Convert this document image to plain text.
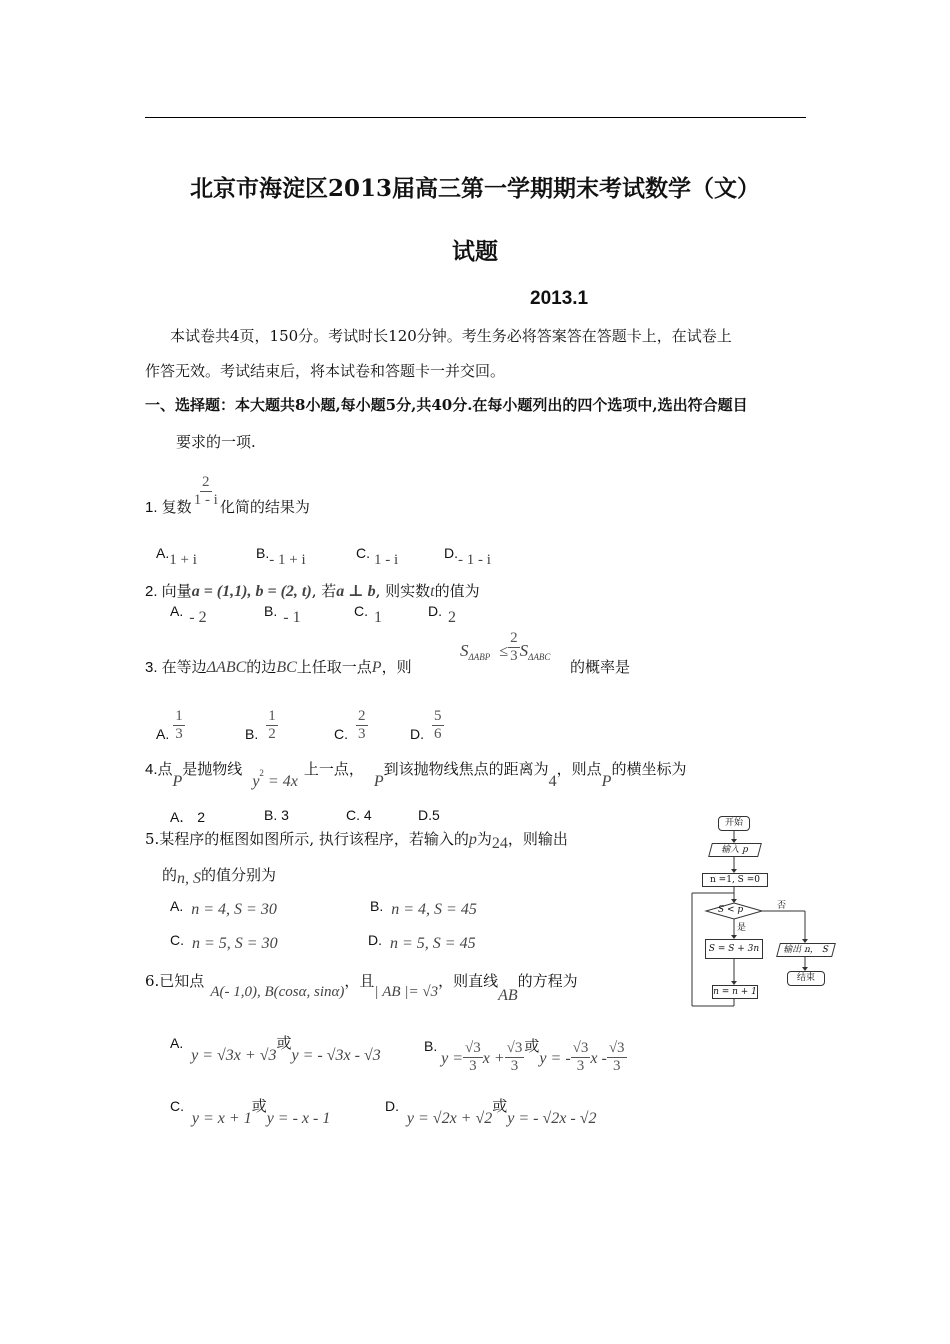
北京市海淀区2013届高三第一学期期末考试数学（文）
试题
2013.1
本试卷共4页，150分。考试时长120分钟。考生务必将答案答在答题卡上，在试卷上
作答无效。考试结束后，将本试卷和答题卡一并交回。
一、选择题：本大题共8小题,每小题5分,共40分.在每小题列出的四个选项中,选出符合题目
要求的一项.
1. 复数 $\frac{2}{1 - i}$ 化简的结果为
A.1 + i	B.- 1 + i	C. 1 - i	D.- 1 - i
2. 向量a = (1,1), b = (2, t), 若a ⊥ b, 则实数t的值为
A. - 2	B. - 1	C. 1	D. 2
3. 在等边ΔABC的边BC上任取一点P，则
$S_{\Delta ABP} \le \frac{2}{3} S_{\Delta ABC}$
的概率是
A. $\frac{1}{3}$	B. $\frac{1}{2}$	C. $\frac{2}{3}$	D. $\frac{5}{6}$
4.点P是抛物线y2 = 4x上一点，P到该抛物线焦点的距离为4，则点P的横坐标为
A． 2	B. 3	C. 4	D.5
5.某程序的框图如图所示, 执行该程序，若输入的p为24，则输出
的n, S的值分别为
A. n = 4, S = 30	B. n = 4, S = 45
C. n = 5, S = 30	D. n = 5, S = 45
开始
输入 p
n =1, S =0
S < p
是
否
S = S + 3n
n = n + 1
输出 n， S
结束
6.已知点A(- 1,0), B(cosα, sinα)，且| AB |= √3，则直线AB的方程为
A. y = √3x + √3或y = - √3x - √3
B. $y = \frac{√3}{3}$ $x + \frac{√3}{3}$ 或y = - $\frac{√3}{3}$ x - $\frac{√3}{3}$
C. y = x + 1或y = - x - 1
D. y = √2x + √2或y = - √2x - √2
